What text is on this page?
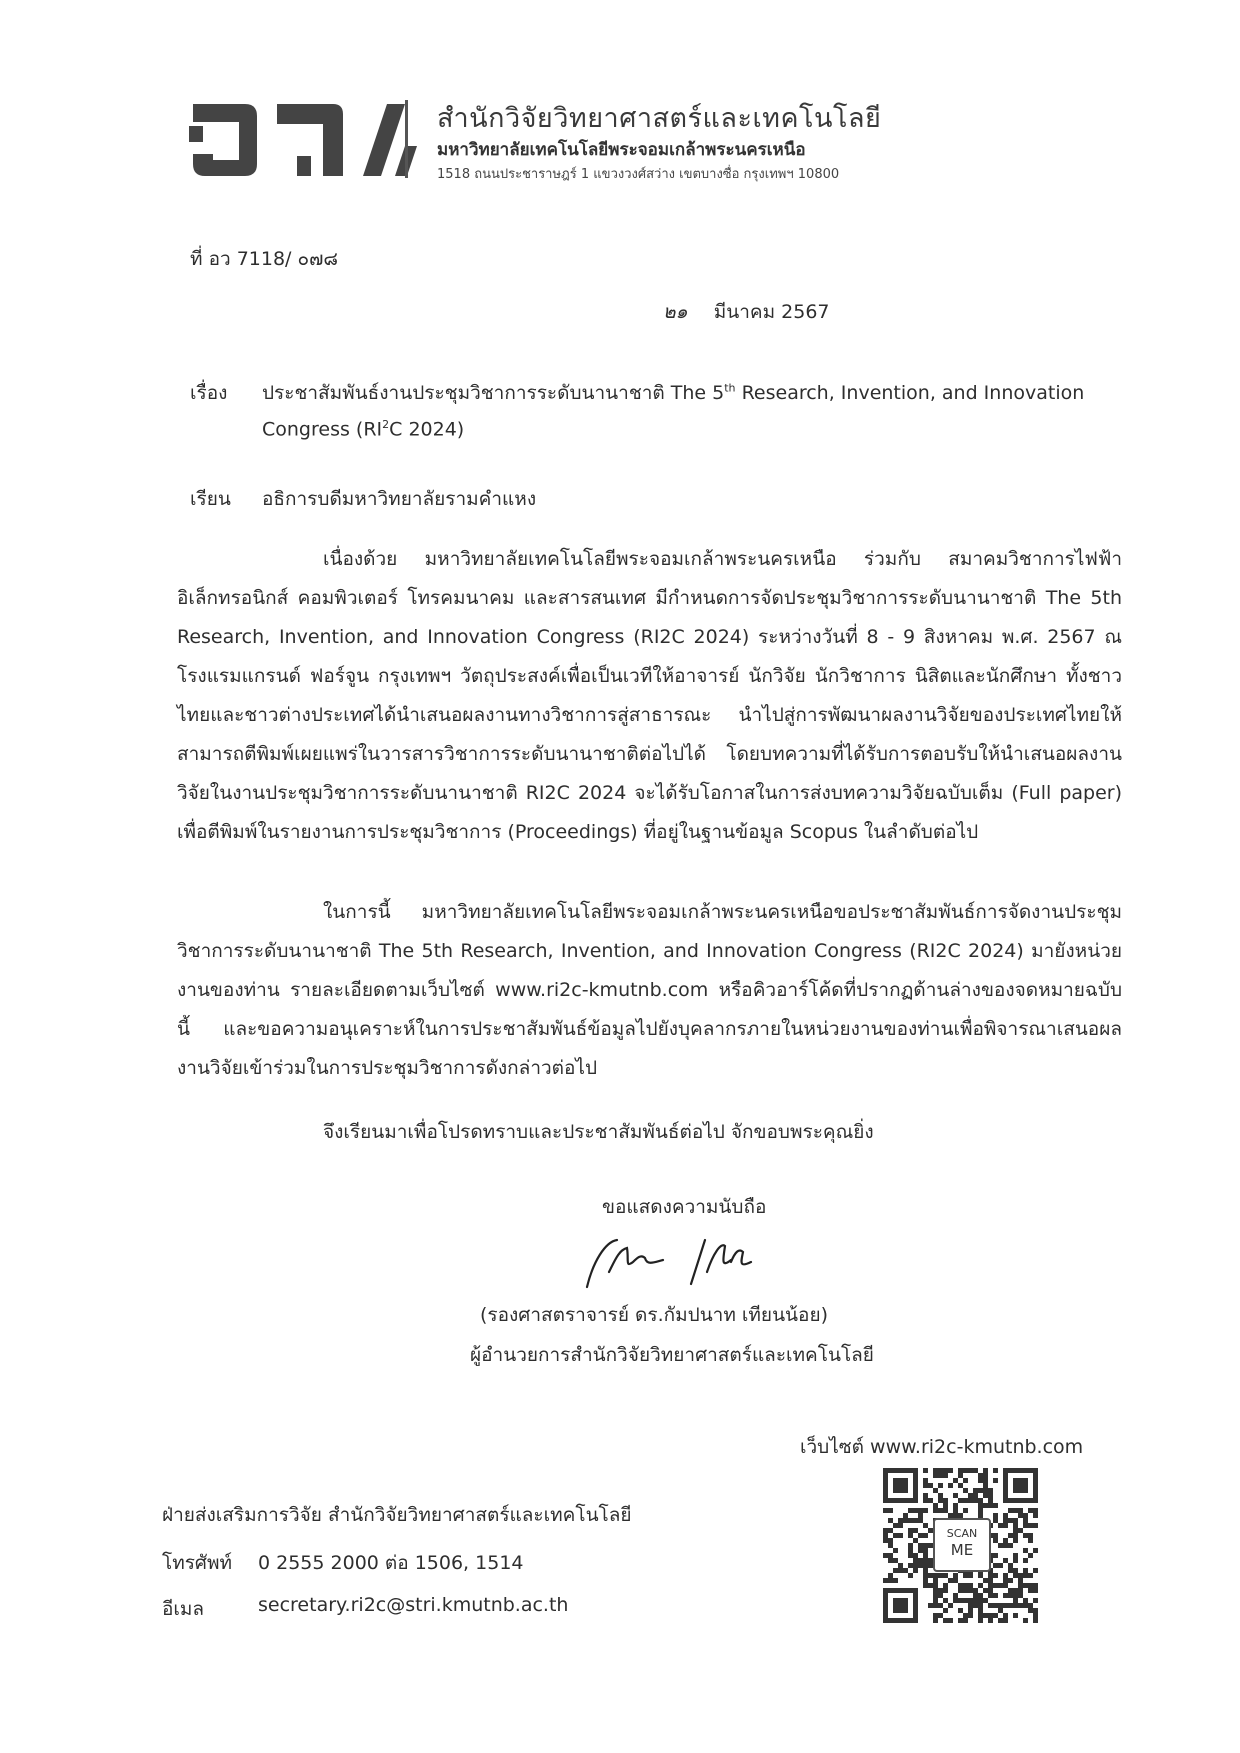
สำนักวิจัยวิทยาศาสตร์และเทคโนโลยี
มหาวิทยาลัยเทคโนโลยีพระจอมเกล้าพระนครเหนือ
1518 ถนนประชาราษฎร์ 1 แขวงวงศ์สว่าง เขตบางซื่อ กรุงเทพฯ 10800
ที่ อว 7118/ ๐๗๘
๒๑ มีนาคม 2567
เรื่อง ประชาสัมพันธ์งานประชุมวิชาการระดับนานาชาติ The 5th Research, Invention, and Innovation
Congress ($RI^2C$ 2024)
เรียน อธิการบดีมหาวิทยาลัยรามคำแหง
เนื่องด้วย มหาวิทยาลัยเทคโนโลยีพระจอมเกล้าพระนครเหนือ ร่วมกับ สมาคมวิชาการไฟฟ้า อิเล็กทรอนิกส์ คอมพิวเตอร์ โทรคมนาคม และสารสนเทศ มีกำหนดการจัดประชุมวิชาการระดับนานาชาติ The 5th Research, Invention, and Innovation Congress (RI2C 2024) ระหว่างวันที่ 8 - 9 สิงหาคม พ.ศ. 2567 ณ โรงแรมแกรนด์ ฟอร์จูน กรุงเทพฯ วัตถุประสงค์เพื่อเป็นเวทีให้อาจารย์ นักวิจัย นักวิชาการ นิสิตและนักศึกษา ทั้งชาวไทยและชาวต่างประเทศได้นำเสนอผลงานทางวิชาการสู่สาธารณะ นำไปสู่การพัฒนาผลงานวิจัยของประเทศไทยให้สามารถตีพิมพ์เผยแพร่ในวารสารวิชาการระดับนานาชาติต่อไปได้ โดยบทความที่ได้รับการตอบรับให้นำเสนอผลงานวิจัยในงานประชุมวิชาการระดับนานาชาติ RI2C 2024 จะได้รับโอกาสในการส่งบทความวิจัยฉบับเต็ม (Full paper) เพื่อตีพิมพ์ในรายงานการประชุมวิชาการ (Proceedings) ที่อยู่ในฐานข้อมูล Scopus ในลำดับต่อไป
ในการนี้ มหาวิทยาลัยเทคโนโลยีพระจอมเกล้าพระนครเหนือขอประชาสัมพันธ์การจัดงานประชุมวิชาการระดับนานาชาติ The 5th Research, Invention, and Innovation Congress (RI2C 2024) มายังหน่วยงานของท่าน รายละเอียดตามเว็บไซต์ www.ri2c-kmutnb.com หรือคิวอาร์โค้ดที่ปรากฏด้านล่างของจดหมายฉบับนี้ และขอความอนุเคราะห์ในการประชาสัมพันธ์ข้อมูลไปยังบุคลากรภายในหน่วยงานของท่านเพื่อพิจารณาเสนอผลงานวิจัยเข้าร่วมในการประชุมวิชาการดังกล่าวต่อไป
จึงเรียนมาเพื่อโปรดทราบและประชาสัมพันธ์ต่อไป จักขอบพระคุณยิ่ง
ขอแสดงความนับถือ
(รองศาสตราจารย์ ดร.กัมปนาท เทียนน้อย)
ผู้อำนวยการสำนักวิจัยวิทยาศาสตร์และเทคโนโลยี
เว็บไซต์ www.ri2c-kmutnb.com
SCAN
ME
ฝ่ายส่งเสริมการวิจัย สำนักวิจัยวิทยาศาสตร์และเทคโนโลยี
โทรศัพท์ 0 2555 2000 ต่อ 1506, 1514
อีเมล	secretary.ri2c@stri.kmutnb.ac.th
